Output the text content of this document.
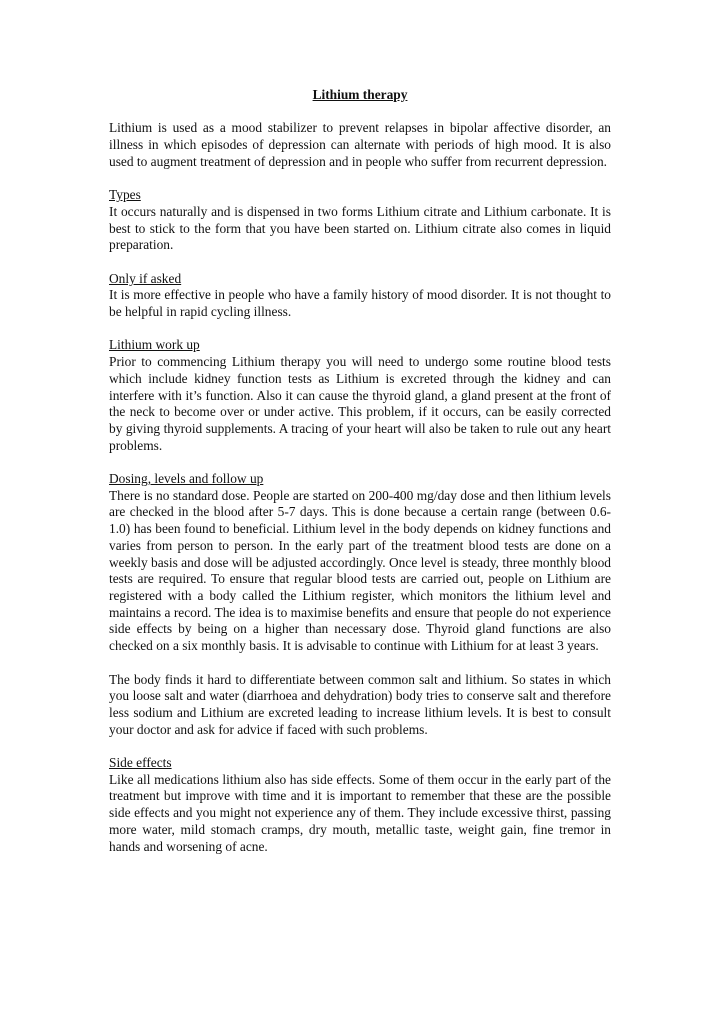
Lithium therapy
Lithium is used as a mood stabilizer to prevent relapses in bipolar affective disorder, an illness in which episodes of depression can alternate with periods of high mood. It is also used to augment treatment of depression and in people who suffer from recurrent depression.
Types
It occurs naturally and is dispensed in two forms Lithium citrate and Lithium carbonate. It is best to stick to the form that you have been started on. Lithium citrate also comes in liquid preparation.
Only if asked
It is more effective in people who have a family history of mood disorder. It is not thought to be helpful in rapid cycling illness.
Lithium work up
Prior to commencing Lithium therapy you will need to undergo some routine blood tests which include kidney function tests as Lithium is excreted through the kidney and can interfere with it’s function. Also it can cause the thyroid gland, a gland present at the front of the neck to become over or under active. This problem, if it occurs, can be easily corrected by giving thyroid supplements. A tracing of your heart will also be taken to rule out any heart problems.
Dosing, levels and follow up
There is no standard dose. People are started on 200-400 mg/day dose and then lithium levels are checked in the blood after 5-7 days. This is done because a certain range (between 0.6-1.0) has been found to beneficial. Lithium level in the body depends on kidney functions and varies from person to person. In the early part of the treatment blood tests are done on a weekly basis and dose will be adjusted accordingly. Once level is steady, three monthly blood tests are required. To ensure that regular blood tests are carried out, people on Lithium are registered with a body called the Lithium register, which monitors the lithium level and maintains a record. The idea is to maximise benefits and ensure that people do not experience side effects by being on a higher than necessary dose. Thyroid gland functions are also checked on a six monthly basis. It is advisable to continue with Lithium for at least 3 years.
The body finds it hard to differentiate between common salt and lithium. So states in which you loose salt and water (diarrhoea and dehydration) body tries to conserve salt and therefore less sodium and Lithium are excreted leading to increase lithium levels. It is best to consult your doctor and ask for advice if faced with such problems.
Side effects
Like all medications lithium also has side effects. Some of them occur in the early part of the treatment but improve with time and it is important to remember that these are the possible side effects and you might not experience any of them. They include excessive thirst, passing more water, mild stomach cramps, dry mouth, metallic taste, weight gain, fine tremor in hands and worsening of acne.
